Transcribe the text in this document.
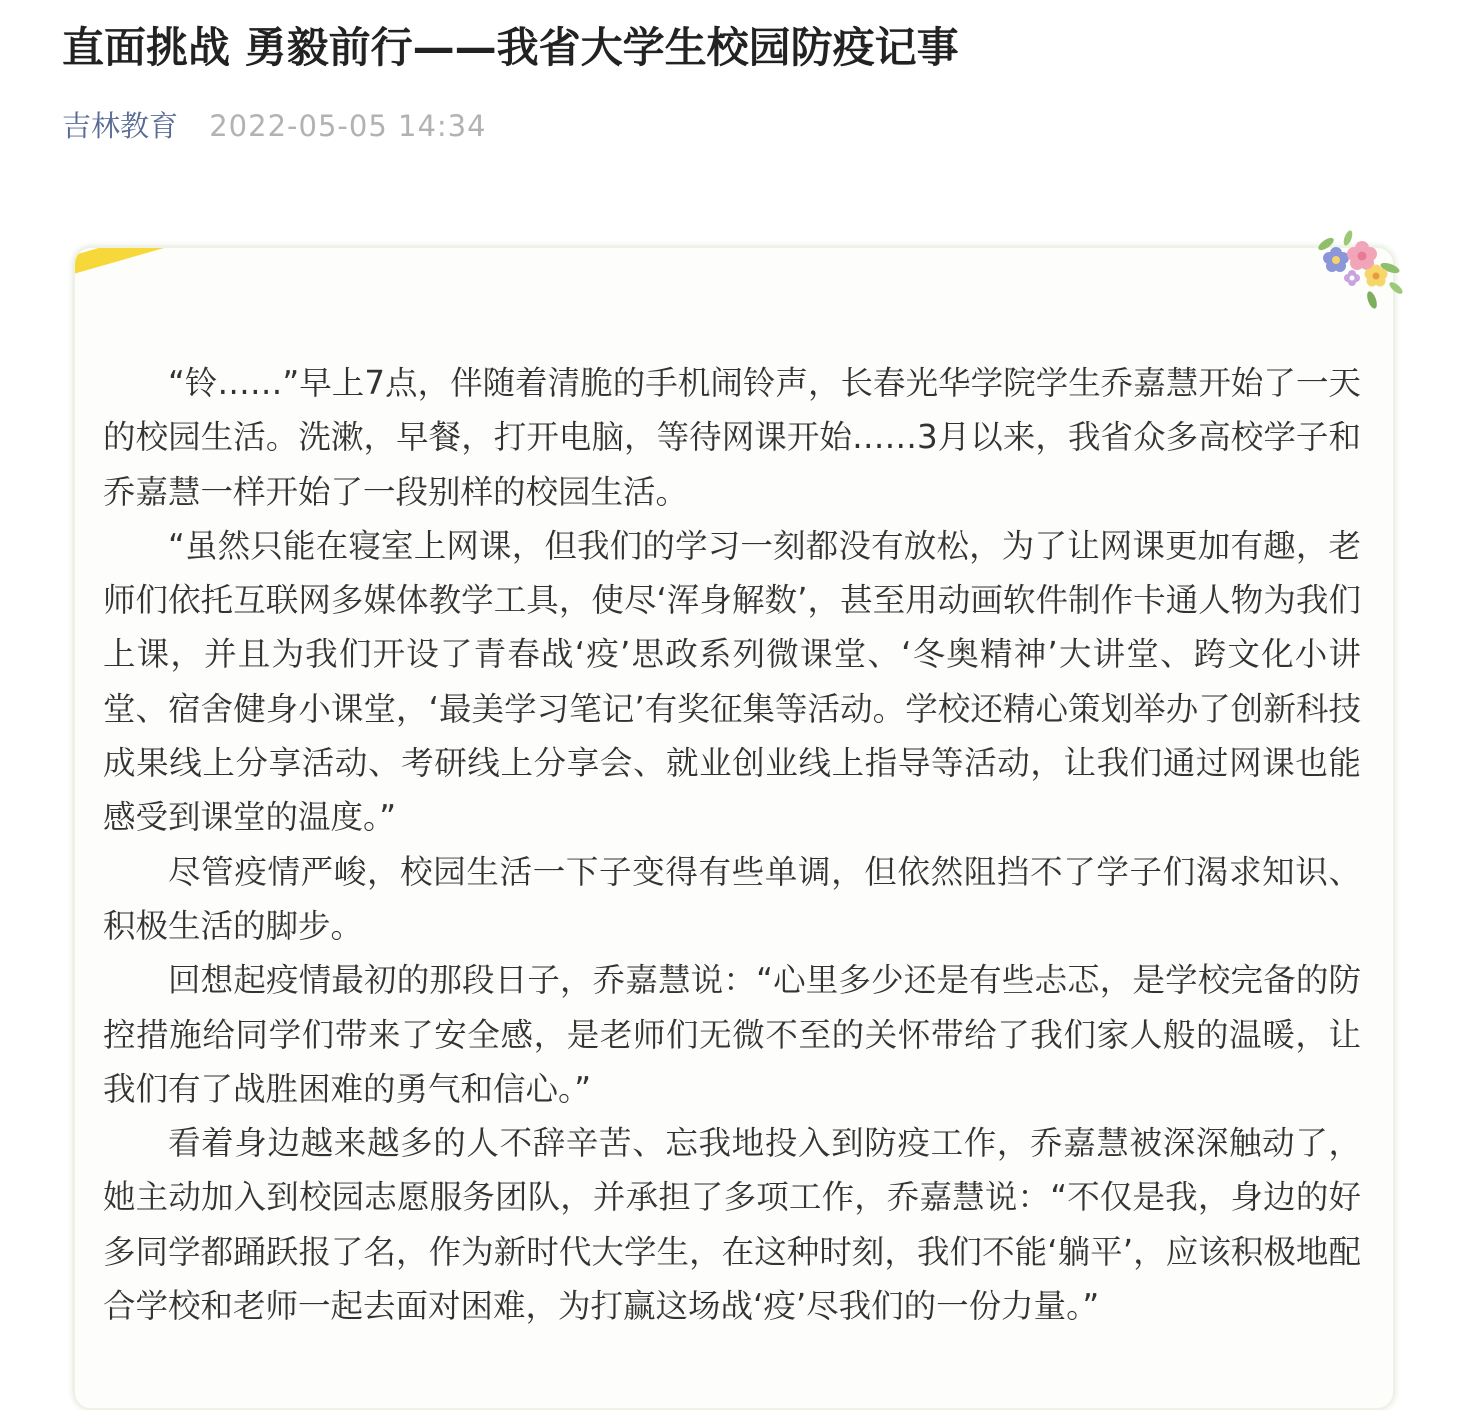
直面挑战 勇毅前行——我省大学生校园防疫记事
吉林教育 2022-05-05 14:34

“铃……”早上7点，伴随着清脆的手机闹铃声，长春光华学院学生乔嘉慧开始了一天的校园生活。洗漱，早餐，打开电脑，等待网课开始……3月以来，我省众多高校学子和乔嘉慧一样开始了一段别样的校园生活。

“虽然只能在寝室上网课，但我们的学习一刻都没有放松，为了让网课更加有趣，老师们依托互联网多媒体教学工具，使尽‘浑身解数’，甚至用动画软件制作卡通人物为我们上课，并且为我们开设了青春战‘疫’思政系列微课堂、‘冬奥精神’大讲堂、跨文化小讲堂、宿舍健身小课堂，‘最美学习笔记’有奖征集等活动。学校还精心策划举办了创新科技成果线上分享活动、考研线上分享会、就业创业线上指导等活动，让我们通过网课也能感受到课堂的温度。”

尽管疫情严峻，校园生活一下子变得有些单调，但依然阻挡不了学子们渴求知识、积极生活的脚步。

回想起疫情最初的那段日子，乔嘉慧说：“心里多少还是有些忐忑，是学校完备的防控措施给同学们带来了安全感，是老师们无微不至的关怀带给了我们家人般的温暖，让我们有了战胜困难的勇气和信心。”

看着身边越来越多的人不辞辛苦、忘我地投入到防疫工作，乔嘉慧被深深触动了，她主动加入到校园志愿服务团队，并承担了多项工作，乔嘉慧说：“不仅是我，身边的好多同学都踊跃报了名，作为新时代大学生，在这种时刻，我们不能‘躺平’，应该积极地配合学校和老师一起去面对困难，为打赢这场战‘疫’尽我们的一份力量。”
